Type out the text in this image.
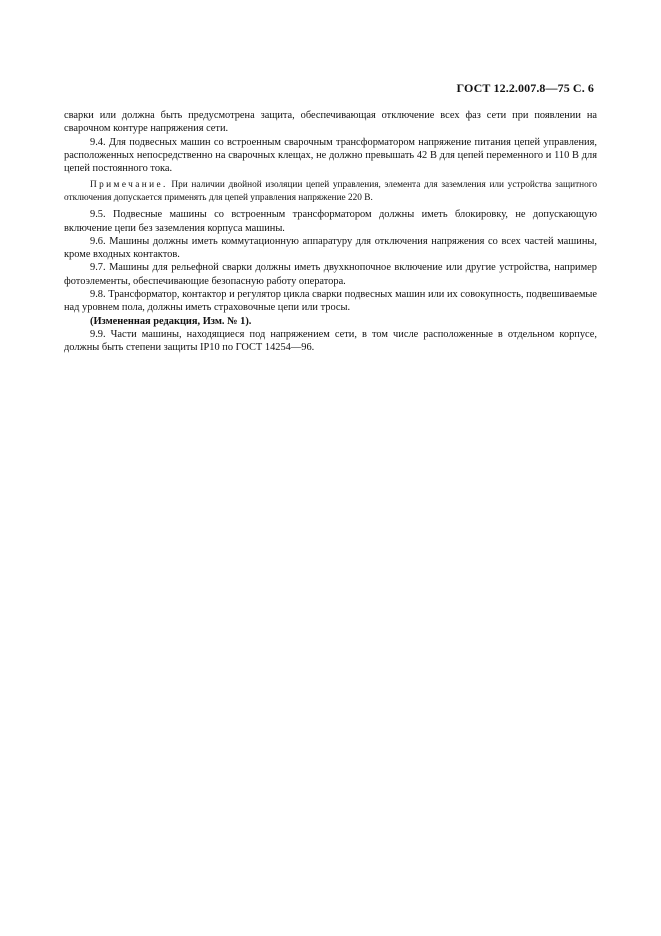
ГОСТ 12.2.007.8—75 С. 6

сварки или должна быть предусмотрена защита, обеспечивающая отключение всех фаз сети при появлении на сварочном контуре напряжения сети.

9.4. Для подвесных машин со встроенным сварочным трансформатором напряжение питания цепей управления, расположенных непосредственно на сварочных клещах, не должно превышать 42 В для цепей переменного и 110 В для цепей постоянного тока.

Примечание. При наличии двойной изоляции цепей управления, элемента для заземления или устройства защитного отключения допускается применять для цепей управления напряжение 220 В.

9.5. Подвесные машины со встроенным трансформатором должны иметь блокировку, не допускающую включение цепи без заземления корпуса машины.

9.6. Машины должны иметь коммутационную аппаратуру для отключения напряжения со всех частей машины, кроме входных контактов.

9.7. Машины для рельефной сварки должны иметь двухкнопочное включение или другие устройства, например фотоэлементы, обеспечивающие безопасную работу оператора.

9.8. Трансформатор, контактор и регулятор цикла сварки подвесных машин или их совокупность, подвешиваемые над уровнем пола, должны иметь страховочные цепи или тросы.

(Измененная редакция, Изм. № 1).

9.9. Части машины, находящиеся под напряжением сети, в том числе расположенные в отдельном корпусе, должны быть степени защиты IP10 по ГОСТ 14254—96.
